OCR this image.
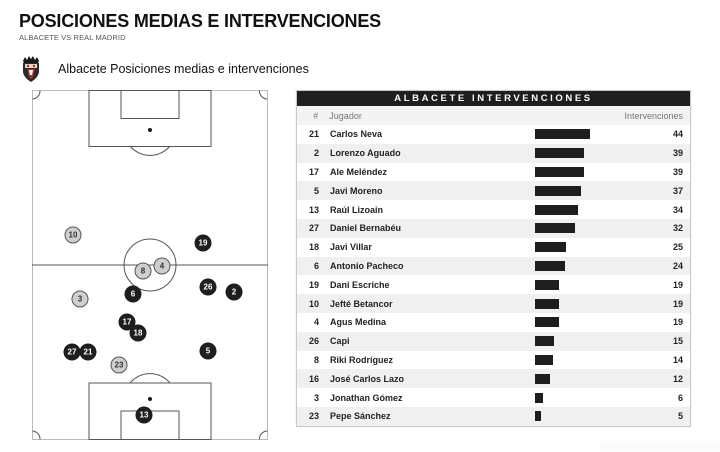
POSICIONES MEDIAS E INTERVENCIONES
ALBACETE VS REAL MADRID
Albacete Posiciones medias e intervenciones
10
19
4
8
26
2
6
3
17
18
27 21	5
23
13
ALBACETE INTERVENCIONES
#	Jugador	Intervenciones
21	Carlos Neva	44
2	Lorenzo Aguado	39
17	Ale Meléndez	39
5	Javi Moreno	37
13	Raúl Lizoain	34
27	Daniel Bernabéu	32
18	Javi Villar	25
6	Antonio Pacheco	24
19	Dani Escriche	19
10	Jefté Betancor	19
4	Agus Medina	19
26	Capi	15
8	Riki Rodríguez	14
16	José Carlos Lazo	12
3	Jonathan Gómez	6
23	Pepe Sánchez	5
